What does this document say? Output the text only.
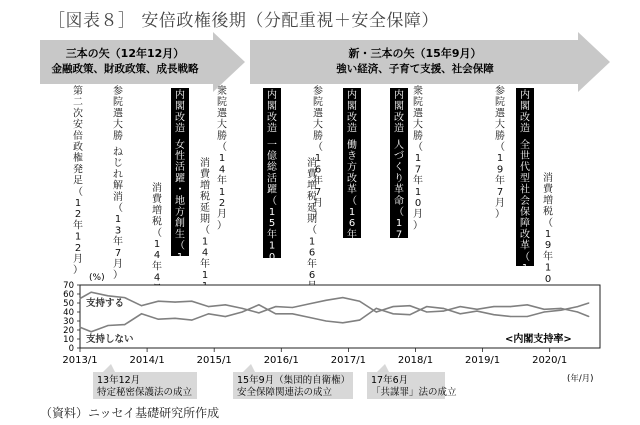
［図表８］ 安倍政権後期（分配重視＋安全保障）
三本の矢（12年12月）
金融政策、財政政策、成長戦略
新・三本の矢（15年9月）
強い経済、子育て支援、社会保障
第
二
次
安
倍
政
権
発
足
（
1
2
年
1
2
月
）
参
院
選
大
勝
ね
じ
れ
解
消
（
1
3
年
7
月
）
消
費
増
税
（
1
4
年
4
内
閣
改
造
女
性
活
躍
・
地
方
創
生
（
1
4
年
衆
院
選
大
勝
（
1
4
年
1
2
月
）
消
費
増
税
延
期
（
1
4
年
1
内
閣
改
造
一
億
総
活
躍
（
1
5
年
1
0
月
）
参
院
選
大
勝
（
1
6
年
7
月
）
消
費
増
税
延
期
（
1
6
年
6
内
閣
改
造
働
き
方
改
革
（
1
6
年
8
月
）
内
閣
改
造
人
づ
く
り
革
命
（
1
7
年
8
月
）
衆
院
選
大
勝
（
1
7
年
1
0
月
）
参
院
選
大
勝
（
1
9
年
7
月
）
内
閣
改
造
全
世
代
型
社
会
保
障
改
革
（
1
9
消
費
増
税
（
1
9
年
1
0
70
60
50
40
30
20
10
0
2013/1	2014/1	2015/1	2016/1	2017/1	2018/1	2019/1	2020/1
(%)
支持する
支持しない	<内閣支持率>
(年/月)
13年12月
特定秘密保護法の成立
15年9月（集団的自衛権）
安全保障関連法の成立
17年6月
「共謀罪」法の成立
（資料）ニッセイ基礎研究所作成
